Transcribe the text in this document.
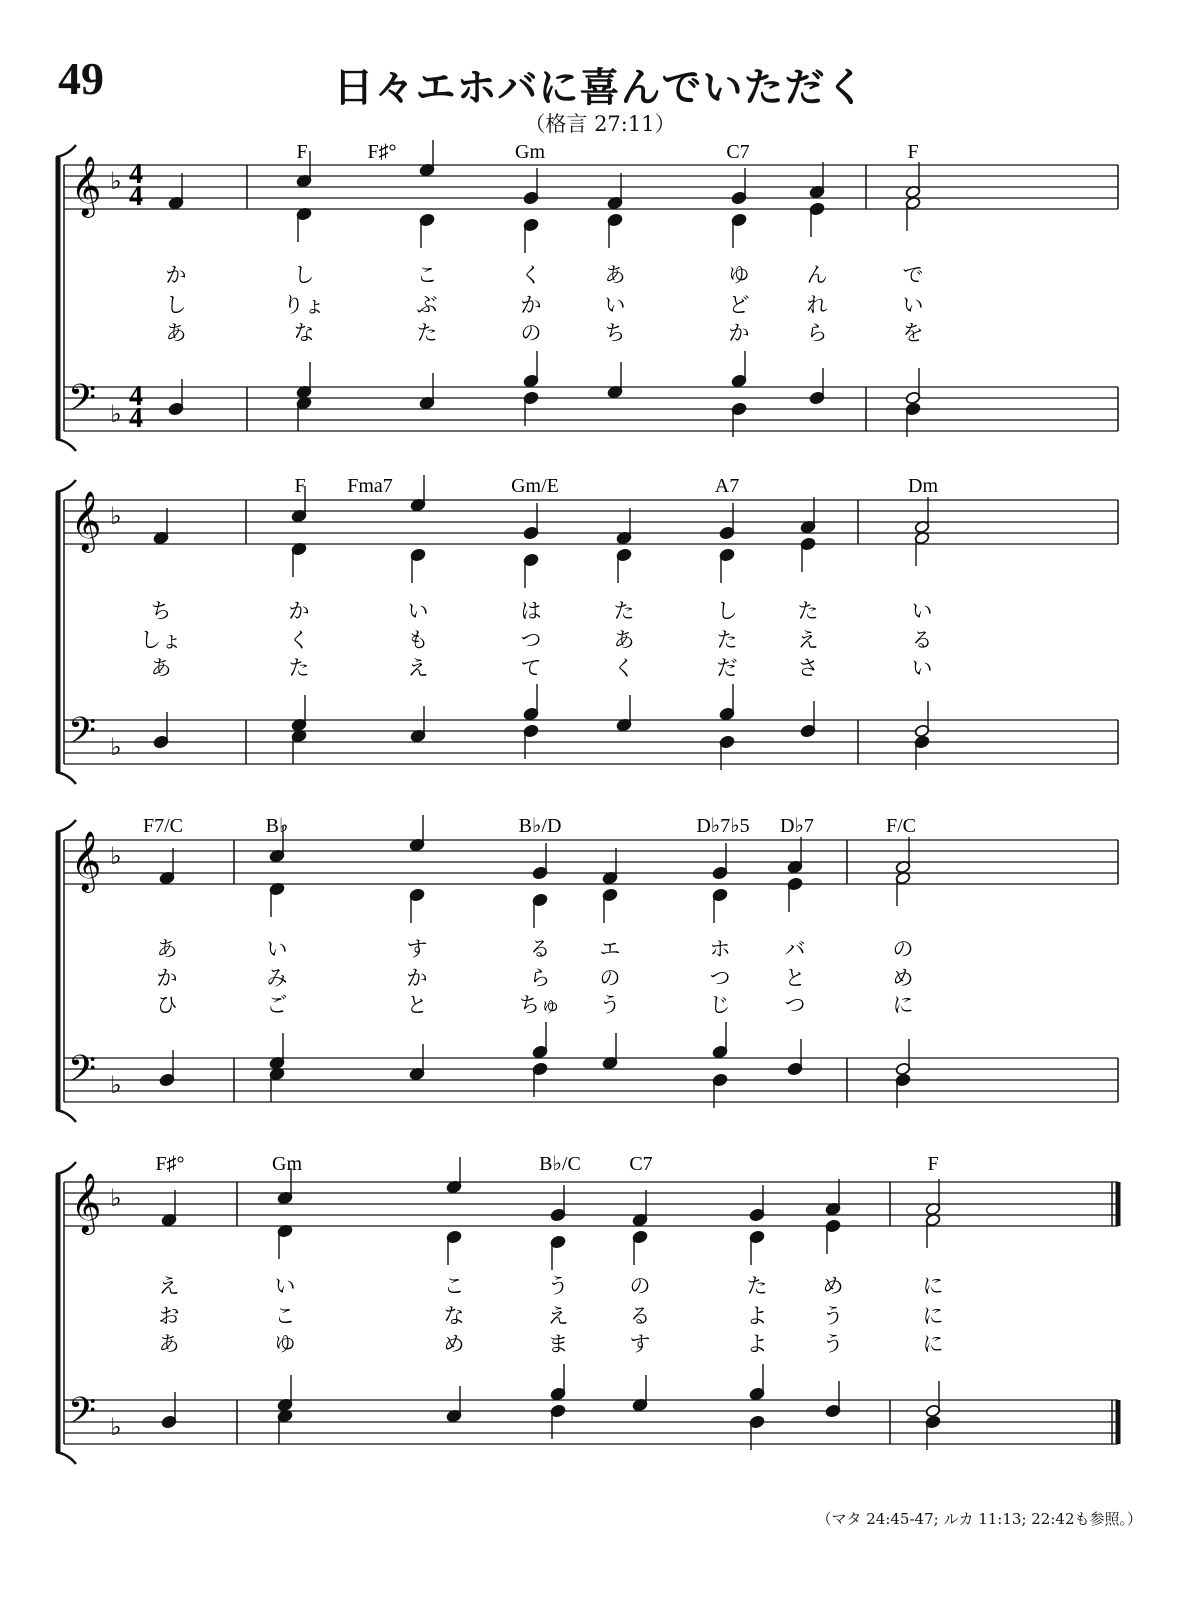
49	日々エホバに喜んでいただく
（格言 27:11）
𝄞
𝄢
♭
♭
4
4
4
4
F	F♯°	Gm	C7	F
か	し	こ	く	あ	ゆ	ん	で
し	りょ	ぶ	か	い	ど	れ	い
あ	な	た	の	ち	か	ら	を
𝄞
𝄢
♭
♭
F Fma7	Gm/E	A7	Dm
ち	か	い	は	た	し	た	い
しょ	く	も	つ	あ	た	え	る
あ	た	え	て	く	だ	さ	い
𝄞
𝄢
♭
♭
F7/C	B♭	B♭/D	D♭7♭5 D♭7	F/C
あ	い	す	る エ	ホ	バ	の
か	み	か	ら の	つ	と	め
ひ	ご	と	ちゅ う	じ	つ	に
𝄞
𝄢
♭
♭
F♯°	Gm	B♭/C C7	F
え	い	こ	う	の	た	め	に
お	こ	な	え	る	よ	う	に
あ	ゆ	め	ま	す	よ	う	に
（マタ 24:45-47; ルカ 11:13; 22:42も参照。）
